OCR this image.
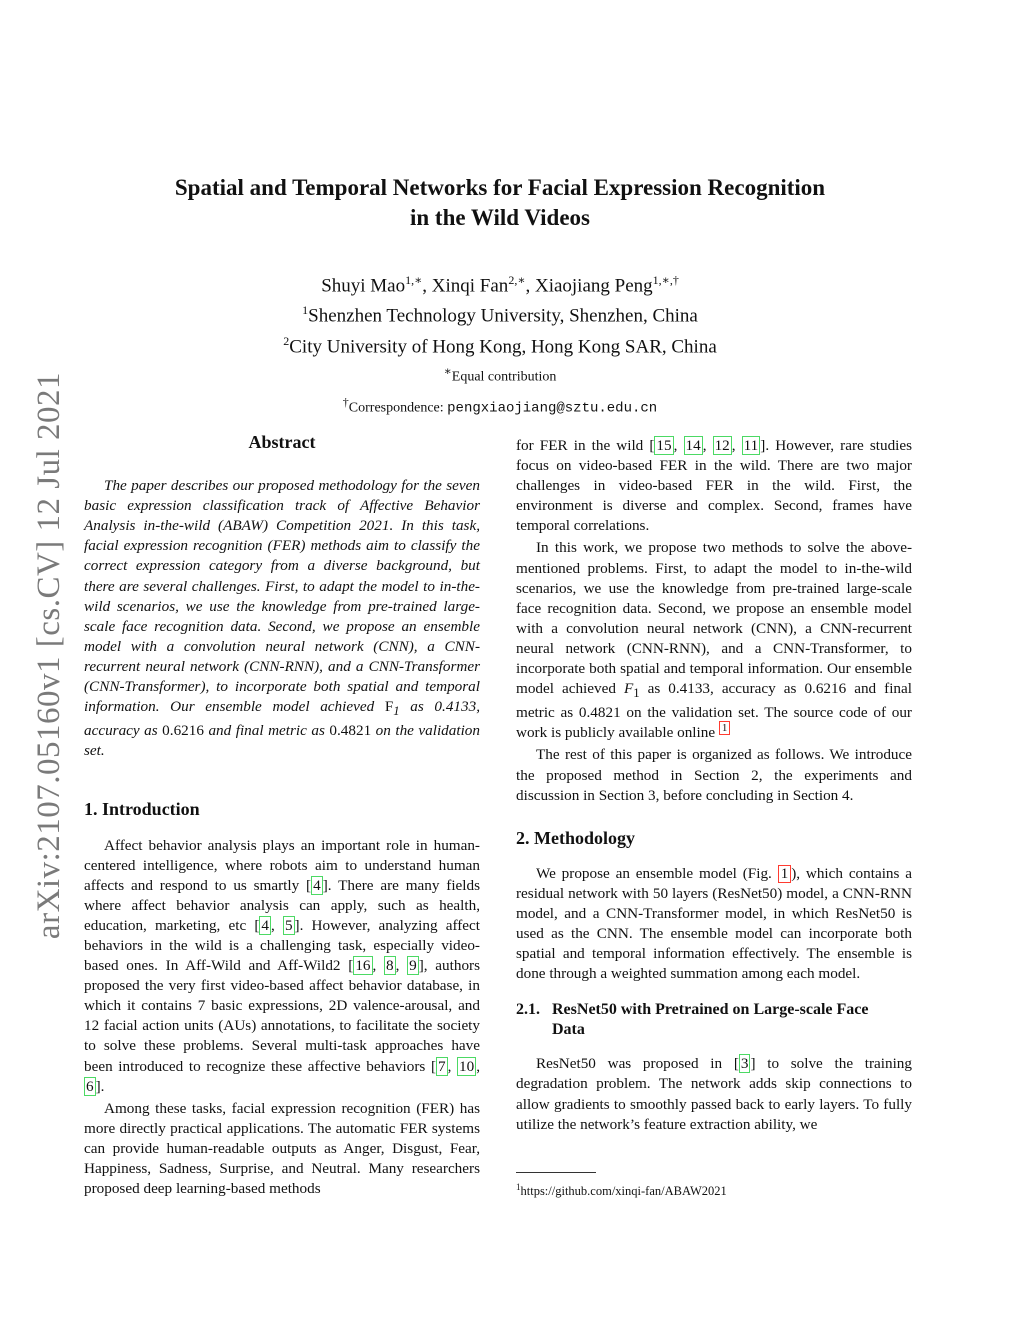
arXiv:2107.05160v1 [cs.CV] 12 Jul 2021
Spatial and Temporal Networks for Facial Expression Recognition
in the Wild Videos
Shuyi Mao$^{1,∗}$, Xinqi Fan$^{2,∗}$, Xiaojiang Peng$^{1,∗,\dagger}$
$^1$Shenzhen Technology University, Shenzhen, China
$^2$City University of Hong Kong, Hong Kong SAR, China
∗Equal contribution
†Correspondence: pengxiaojiang@sztu.edu.cn
Abstract

The paper describes our proposed methodology for the seven basic expression classification track of Affective Behavior Analysis in-the-wild (ABAW) Competition 2021. In this task, facial expression recognition (FER) methods aim to classify the correct expression category from a diverse background, but there are several challenges. First, to adapt the model to in-the-wild scenarios, we use the knowledge from pre-trained large-scale face recognition data. Second, we propose an ensemble model with a convolution neural network (CNN), a CNN-recurrent neural network (CNN-RNN), and a CNN-Transformer (CNN-Transformer), to incorporate both spatial and temporal information. Our ensemble model achieved $F_1$ as 0.4133, accuracy as 0.6216 and final metric as 0.4821 on the validation set.

1. Introduction

Affect behavior analysis plays an important role in human-centered intelligence, where robots aim to understand human affects and respond to us smartly [ 4 ]. There are many fields where affect behavior analysis can apply, such as health, education, marketing, etc [ 4 , 5 ]. However, analyzing affect behaviors in the wild is a challenging task, especially video-based ones. In Aff-Wild and Aff-Wild2 [ 16 , 8 , 9 ], authors proposed the very first video-based affect behavior database, in which it contains 7 basic expressions, 2D valence-arousal, and 12 facial action units (AUs) annotations, to facilitate the society to solve these problems. Several multi-task approaches have been introduced to recognize these affective behaviors [ 7 , 10 , 6 ].

Among these tasks, facial expression recognition (FER) has more directly practical applications. The automatic FER systems can provide human-readable outputs as Anger, Disgust, Fear, Happiness, Sadness, Surprise, and Neutral. Many researchers proposed deep learning-based methods

for FER in the wild [ 15 , 14 , 12 , 11 ]. However, rare studies focus on video-based FER in the wild. There are two major challenges in video-based FER in the wild. First, the environment is diverse and complex. Second, frames have temporal correlations.

In this work, we propose two methods to solve the above-mentioned problems. First, to adapt the model to in-the-wild scenarios, we use the knowledge from pre-trained large-scale face recognition data. Second, we propose an ensemble model with a convolution neural network (CNN), a CNN-recurrent neural network (CNN-RNN), and a CNN-Transformer, to incorporate both spatial and temporal information. Our ensemble model achieved $F_1$ as 0.4133, accuracy as 0.6216 and final metric as 0.4821 on the validation set. The source code of our work is publicly available online $^1$

The rest of this paper is organized as follows. We introduce the proposed method in Section 2, the experiments and discussion in Section 3, before concluding in Section 4.

2. Methodology

We propose an ensemble model (Fig. 1 ), which contains a residual network with 50 layers (ResNet50) model, a CNN-RNN model, and a CNN-Transformer model, in which ResNet50 is used as the CNN. The ensemble model can incorporate both spatial and temporal information effectively. The ensemble is done through a weighted summation among each model.

2.1. ResNet50 with Pretrained on Large-scale Face
Data

ResNet50 was proposed in [ 3 ] to solve the training degradation problem. The network adds skip connections to allow gradients to smoothly passed back to early layers. To fully utilize the network’s feature extraction ability, we

$^1$https://github.com/xinqi-fan/ABAW2021
